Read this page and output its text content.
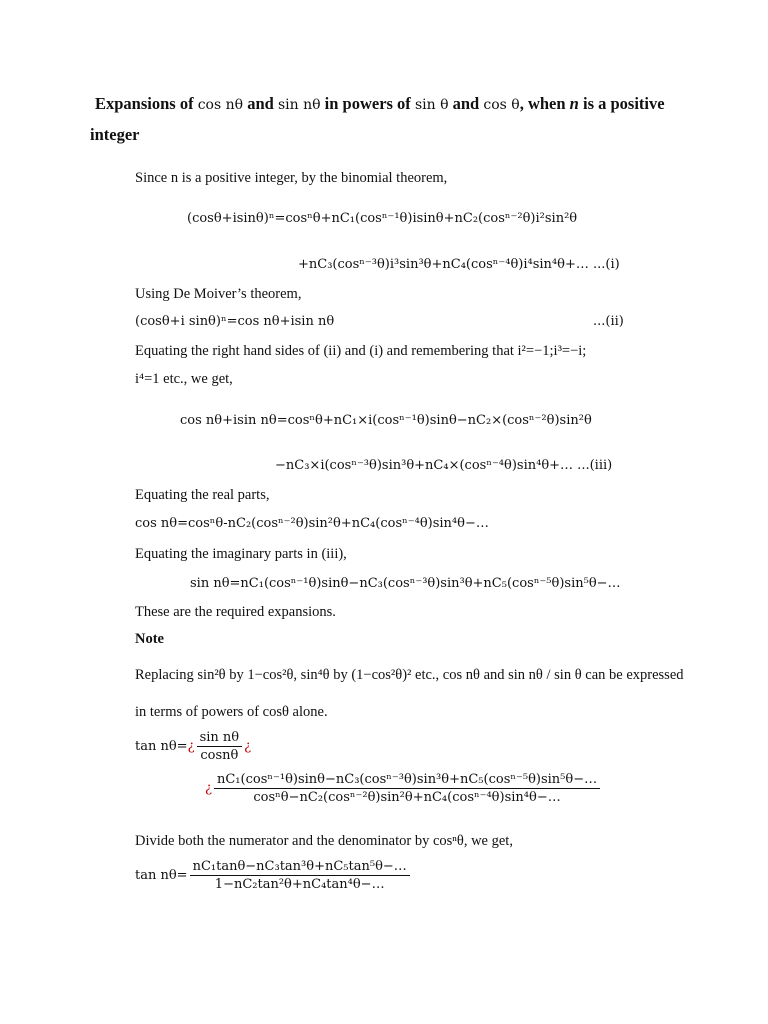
Expansions of cos nθ and sin nθ in powers of sin θ and cos θ, when n is a positive
integer
Since n is a positive integer, by the binomial theorem,
(cosθ+isinθ)ⁿ=cosⁿθ+nC₁(cosⁿ⁻¹θ)isinθ+nC₂(cosⁿ⁻²θ)i²sin²θ
+nC₃(cosⁿ⁻³θ)i³sin³θ+nC₄(cosⁿ⁻⁴θ)i⁴sin⁴θ+… ...(i)
Using De Moiver’s theorem,
(cosθ+i sinθ)ⁿ=cos nθ+isin nθ	...(ii)
Equating the right hand sides of (ii) and (i) and remembering that i²=−1;i³=−i;
i⁴=1 etc., we get,
cos nθ+isin nθ=cosⁿθ+nC₁×i(cosⁿ⁻¹θ)sinθ−nC₂×(cosⁿ⁻²θ)sin²θ
−nC₃×i(cosⁿ⁻³θ)sin³θ+nC₄×(cosⁿ⁻⁴θ)sin⁴θ+… ...(iii)
Equating the real parts,
cos nθ=cosⁿθ-nC₂(cosⁿ⁻²θ)sin²θ+nC₄(cosⁿ⁻⁴θ)sin⁴θ−…
Equating the imaginary parts in (iii),
sin nθ=nC₁(cosⁿ⁻¹θ)sinθ−nC₃(cosⁿ⁻³θ)sin³θ+nC₅(cosⁿ⁻⁵θ)sin⁵θ−…
These are the required expansions.
Note
Replacing sin²θ by 1−cos²θ, sin⁴θ by (1−cos²θ)² etc., cos nθ and sin nθ / sin θ can be expressed
in terms of powers of cosθ alone.
tan nθ=¿ $\frac{\text{sin nθ}}{\cos n\theta}$ ¿
¿ $\frac{\text{nC₁(cosⁿ⁻¹θ)sinθ−nC₃(cosⁿ⁻³θ)sin³θ+nC₅(cosⁿ⁻⁵θ)sin⁵θ−…}}{\text{cosⁿθ−nC₂(cosⁿ⁻²θ)sin²θ+nC₄(cosⁿ⁻⁴θ)sin⁴θ−…}}$
Divide both the numerator and the denominator by cosⁿθ, we get,
$\tan n\theta= \frac{\text{nC₁tanθ−nC₃tan³θ+nC₅tan⁵θ−…}}{\text{1−nC₂tan²θ+nC₄tan⁴θ−…}}$
